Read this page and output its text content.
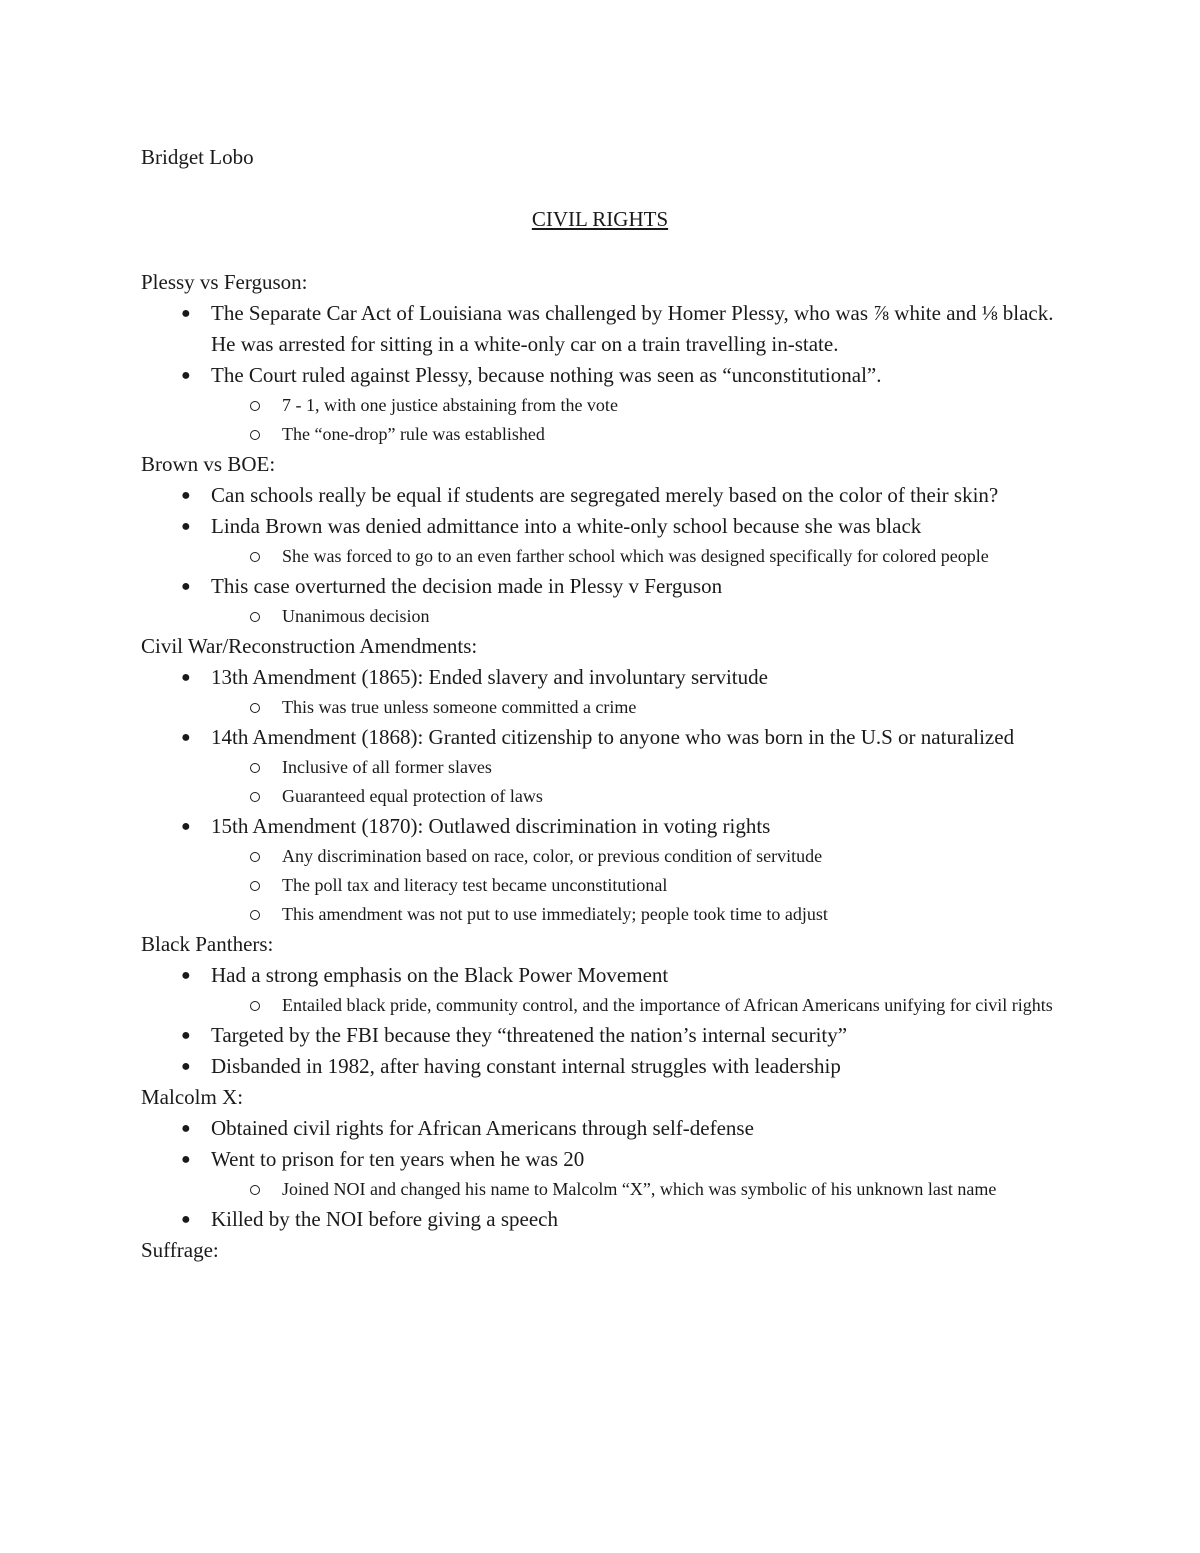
Bridget Lobo
CIVIL RIGHTS
Plessy vs Ferguson:
● The Separate Car Act of Louisiana was challenged by Homer Plessy, who was ⅞ white and ⅛ black. He was arrested for sitting in a white-only car on a train travelling in-state.
● The Court ruled against Plessy, because nothing was seen as “unconstitutional”.
7 - 1, with one justice abstaining from the vote
The “one-drop” rule was established
Brown vs BOE:
● Can schools really be equal if students are segregated merely based on the color of their skin?
● Linda Brown was denied admittance into a white-only school because she was black
She was forced to go to an even farther school which was designed specifically for colored people
● This case overturned the decision made in Plessy v Ferguson
Unanimous decision
Civil War/Reconstruction Amendments:
● 13th Amendment (1865): Ended slavery and involuntary servitude
This was true unless someone committed a crime
● 14th Amendment (1868): Granted citizenship to anyone who was born in the U.S or naturalized
Inclusive of all former slaves
Guaranteed equal protection of laws
● 15th Amendment (1870): Outlawed discrimination in voting rights
Any discrimination based on race, color, or previous condition of servitude
The poll tax and literacy test became unconstitutional
This amendment was not put to use immediately; people took time to adjust
Black Panthers:
● Had a strong emphasis on the Black Power Movement
Entailed black pride, community control, and the importance of African Americans unifying for civil rights
● Targeted by the FBI because they “threatened the nation’s internal security”
● Disbanded in 1982, after having constant internal struggles with leadership
Malcolm X:
● Obtained civil rights for African Americans through self-defense
● Went to prison for ten years when he was 20
Joined NOI and changed his name to Malcolm “X”, which was symbolic of his unknown last name
● Killed by the NOI before giving a speech
Suffrage:
